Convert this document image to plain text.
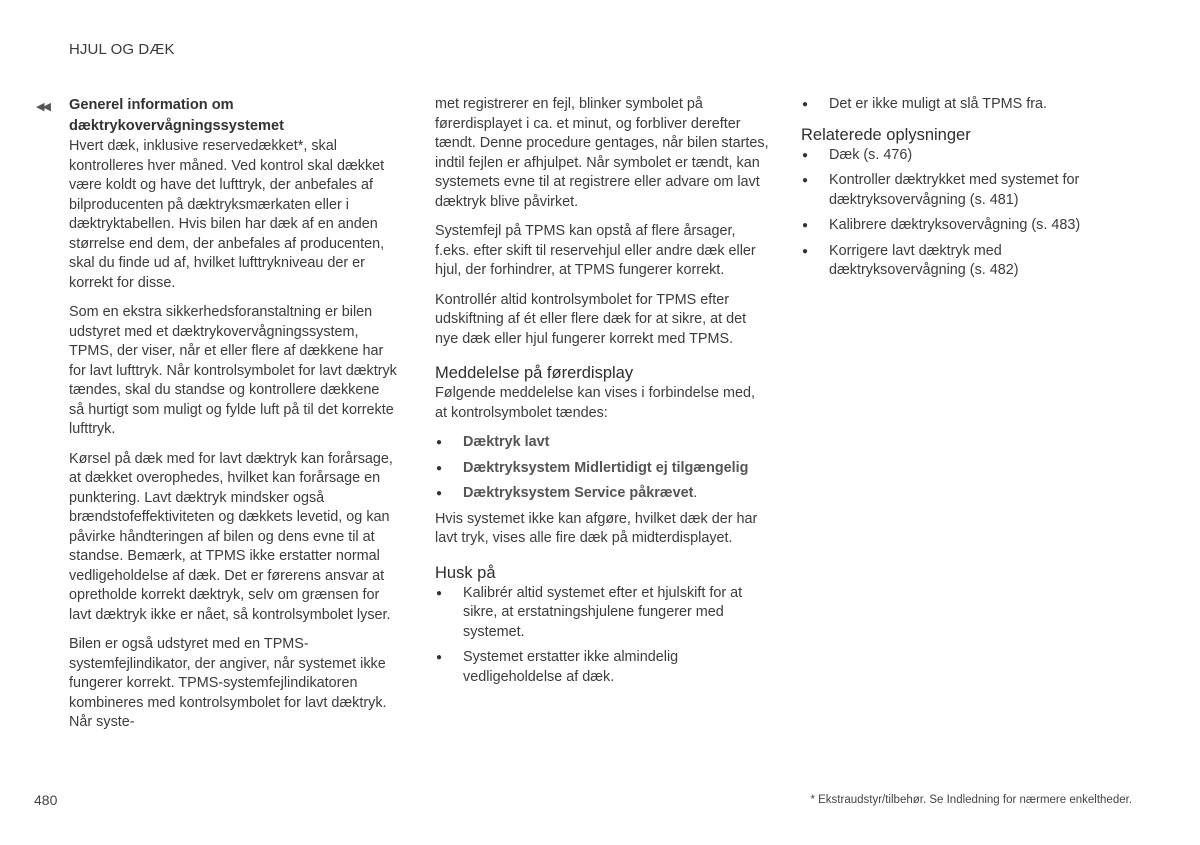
HJUL OG DÆK
◀◀ Generel information om
dæktrykovervågningssystemet

Hvert dæk, inklusive reservedækket*, skal kontrolleres hver måned. Ved kontrol skal dækket være koldt og have det lufttryk, der anbefales af bilproducenten på dæktryksmærkaten eller i dæktryktabellen. Hvis bilen har dæk af en anden størrelse end dem, der anbefales af producenten, skal du finde ud af, hvilket lufttrykniveau der er korrekt for disse.

Som en ekstra sikkerhedsforanstaltning er bilen udstyret med et dæktrykovervågningssystem, TPMS, der viser, når et eller flere af dækkene har for lavt lufttryk. Når kontrolsymbolet for lavt dæktryk tændes, skal du standse og kontrollere dækkene så hurtigt som muligt og fylde luft på til det korrekte lufttryk.

Kørsel på dæk med for lavt dæktryk kan forårsage, at dækket overophedes, hvilket kan forårsage en punktering. Lavt dæktryk mindsker også brændstofeffektiviteten og dækkets levetid, og kan påvirke håndteringen af bilen og dens evne til at standse. Bemærk, at TPMS ikke erstatter normal vedligeholdelse af dæk. Det er førerens ansvar at opretholde korrekt dæktryk, selv om grænsen for lavt dæktryk ikke er nået, så kontrolsymbolet lyser.

Bilen er også udstyret med en TPMS-systemfejlindikator, der angiver, når systemet ikke fungerer korrekt. TPMS-systemfejlindikatoren kombineres med kontrolsymbolet for lavt dæktryk. Når syste-

met registrerer en fejl, blinker symbolet på førerdisplayet i ca. et minut, og forbliver derefter tændt. Denne procedure gentages, når bilen startes, indtil fejlen er afhjulpet. Når symbolet er tændt, kan systemets evne til at registrere eller advare om lavt dæktryk blive påvirket.

Systemfejl på TPMS kan opstå af flere årsager, f.eks. efter skift til reservehjul eller andre dæk eller hjul, der forhindrer, at TPMS fungerer korrekt.

Kontrollér altid kontrolsymbolet for TPMS efter udskiftning af ét eller flere dæk for at sikre, at det nye dæk eller hjul fungerer korrekt med TPMS.

Meddelelse på førerdisplay

Følgende meddelelse kan vises i forbindelse med, at kontrolsymbolet tændes:

● Dæktryk lavt
● Dæktryksystem Midlertidigt ej tilgængelig
● Dæktryksystem Service påkrævet.

Hvis systemet ikke kan afgøre, hvilket dæk der har lavt tryk, vises alle fire dæk på midterdisplayet.

Husk på
● Kalibrér altid systemet efter et hjulskift for at sikre, at erstatningshjulene fungerer med systemet.
● Systemet erstatter ikke almindelig vedligeholdelse af dæk.
● Det er ikke muligt at slå TPMS fra.
Relaterede oplysninger
● Dæk (s. 476)
● Kontroller dæktrykket med systemet for dæktryksovervågning (s. 481)
● Kalibrere dæktryksovervågning (s. 483)
● Korrigere lavt dæktryk med dæktryksovervågning (s. 482)
480	* Ekstraudstyr/tilbehør. Se Indledning for nærmere enkeltheder.
